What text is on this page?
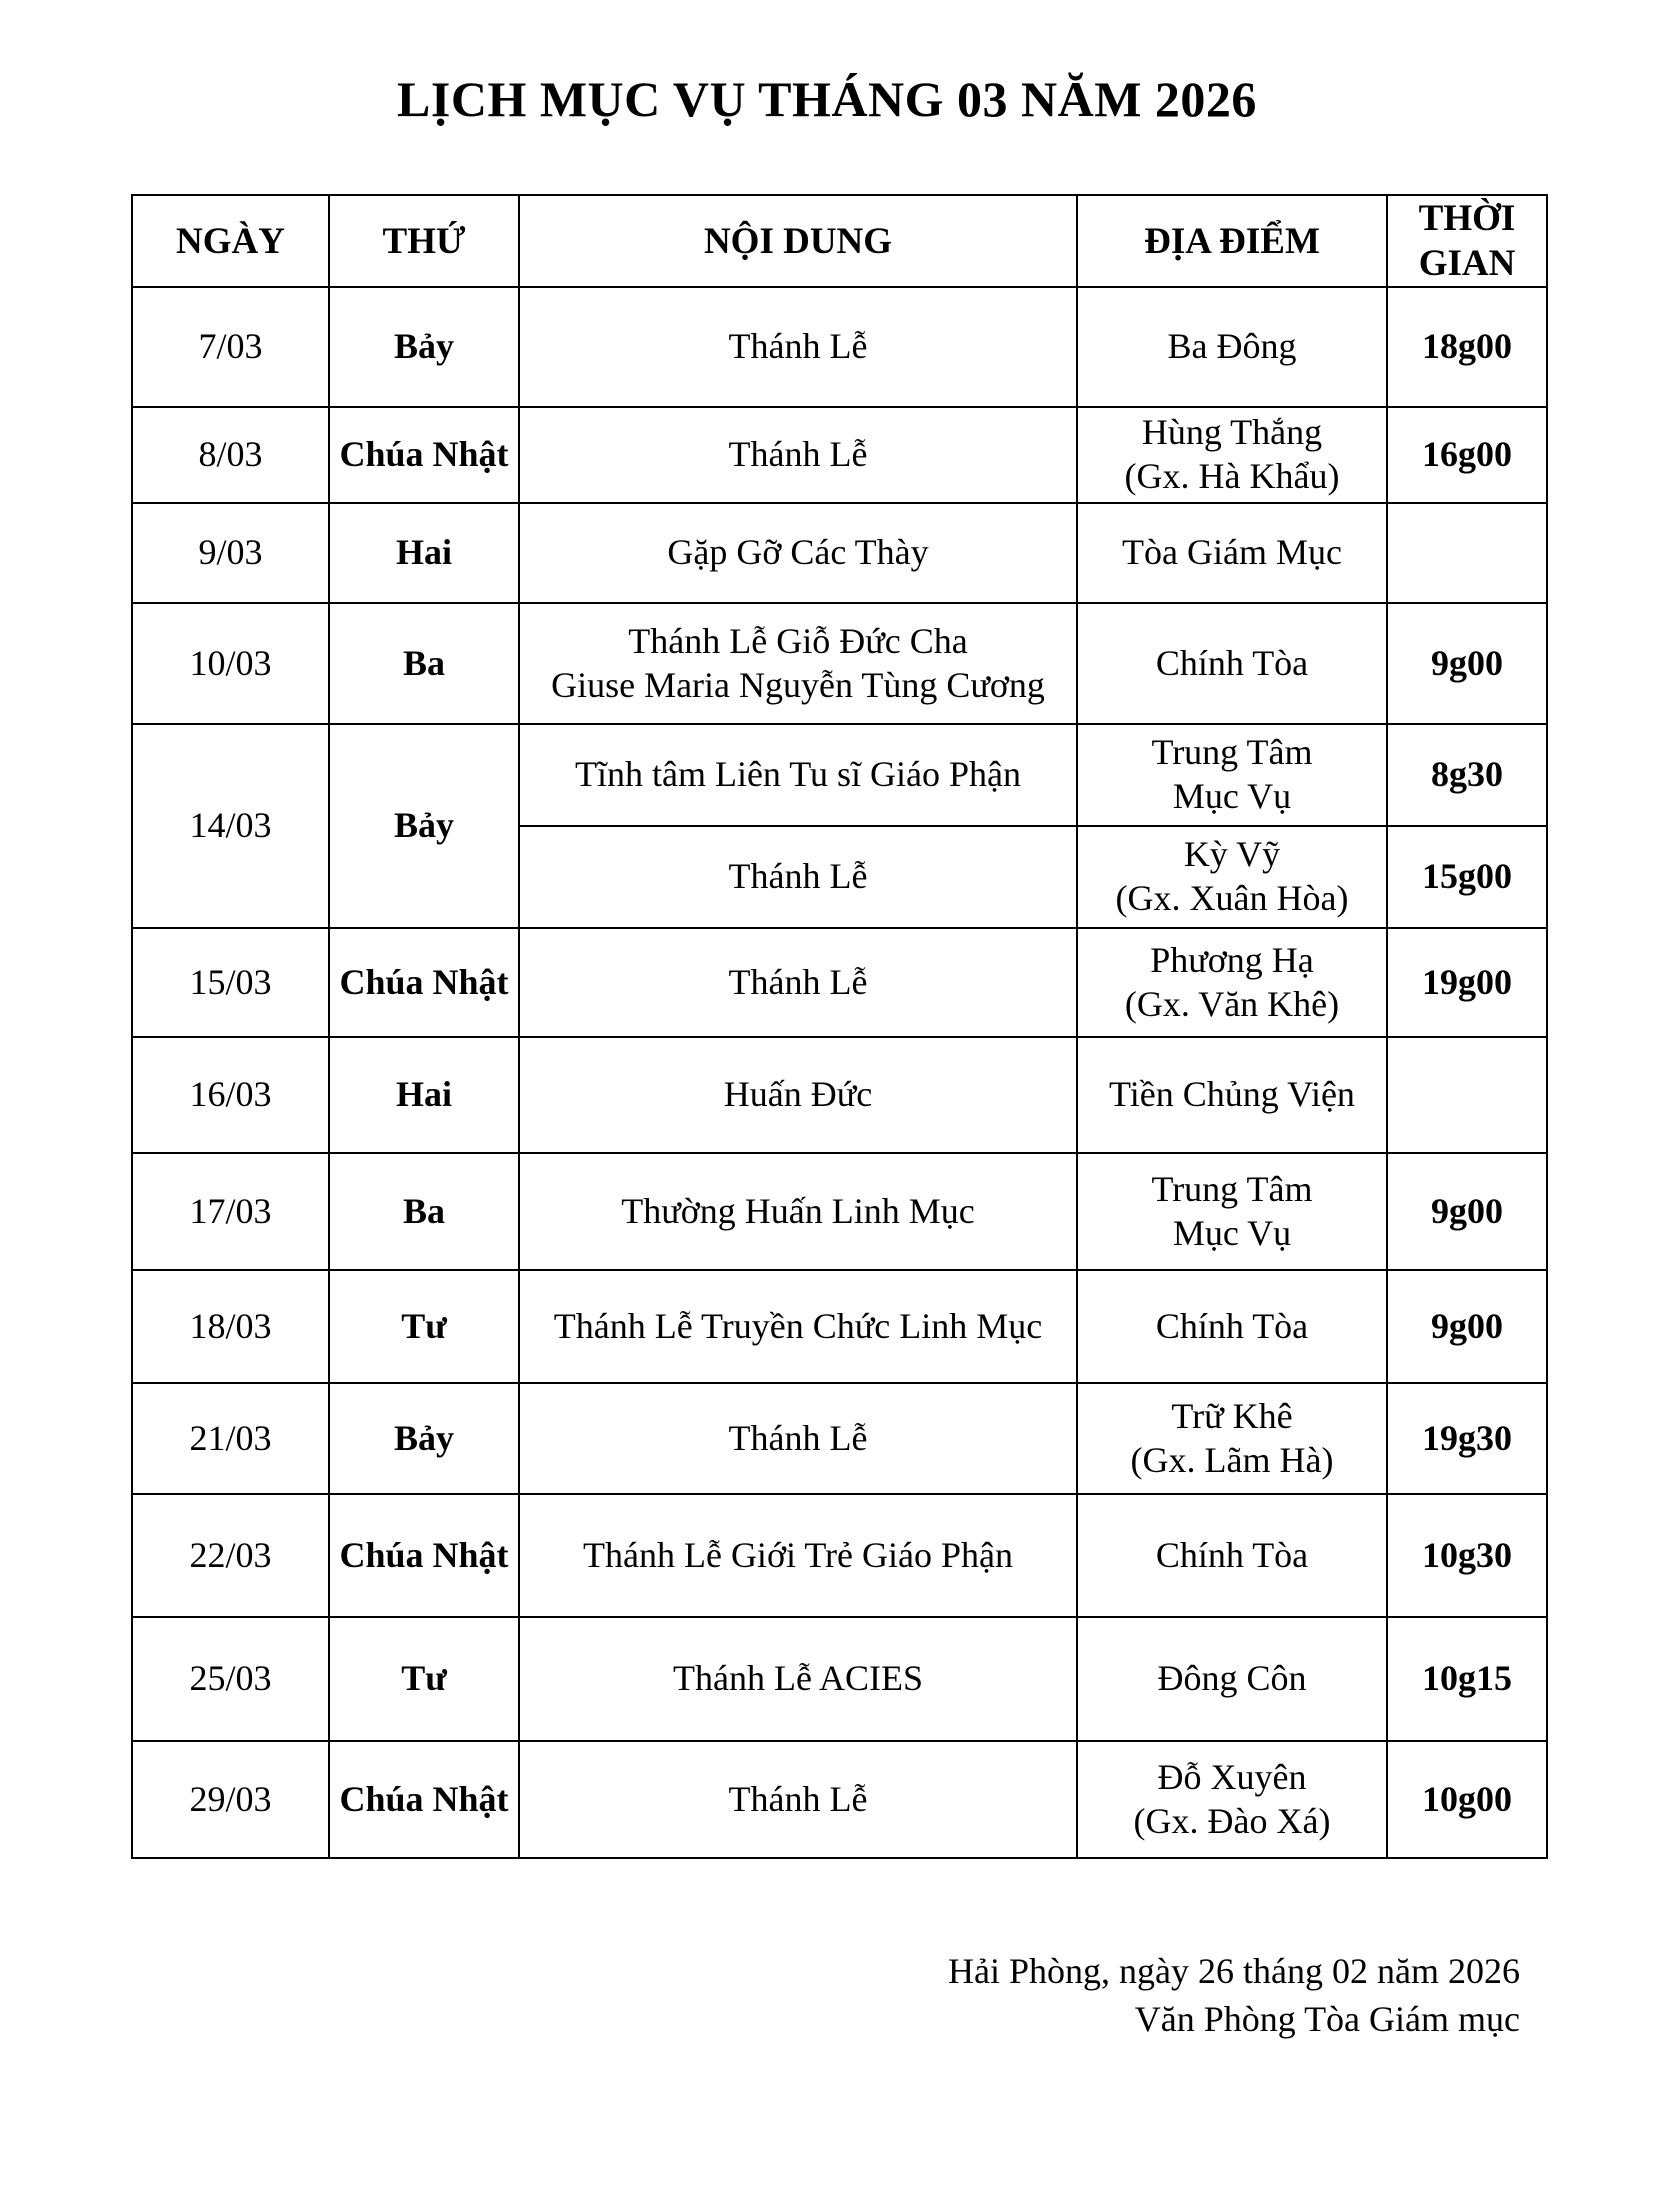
LỊCH MỤC VỤ THÁNG 03 NĂM 2026
NGÀY	THỨ	NỘI DUNG	ĐỊA ĐIỂM	THỜI
GIAN

7/03	Bảy	Thánh Lễ	Ba Đông	18g00
8/03	Chúa Nhật	Thánh Lễ	Hùng Thắng
(Gx. Hà Khẩu)	16g00
9/03	Hai	Gặp Gỡ Các Thày	Tòa Giám Mục	
10/03	Ba	Thánh Lễ Giỗ Đức Cha
Giuse Maria Nguyễn Tùng Cương	Chính Tòa	9g00
14/03	Bảy	Tĩnh tâm Liên Tu sĩ Giáo Phận	Trung Tâm
Mục Vụ	8g30
		Thánh Lễ	Kỳ Vỹ
(Gx. Xuân Hòa)	15g00
15/03	Chúa Nhật	Thánh Lễ	Phương Hạ
(Gx. Văn Khê)	19g00
16/03	Hai	Huấn Đức	Tiền Chủng Viện	
17/03	Ba	Thường Huấn Linh Mục	Trung Tâm
Mục Vụ	9g00
18/03	Tư	Thánh Lễ Truyền Chức Linh Mục	Chính Tòa	9g00
21/03	Bảy	Thánh Lễ	Trữ Khê
(Gx. Lãm Hà)	19g30
22/03	Chúa Nhật	Thánh Lễ Giới Trẻ Giáo Phận	Chính Tòa	10g30
25/03	Tư	Thánh Lễ ACIES	Đông Côn	10g15
29/03	Chúa Nhật	Thánh Lễ	Đỗ Xuyên
(Gx. Đào Xá)	10g00
Hải Phòng, ngày 26 tháng 02 năm 2026
Văn Phòng Tòa Giám mục
